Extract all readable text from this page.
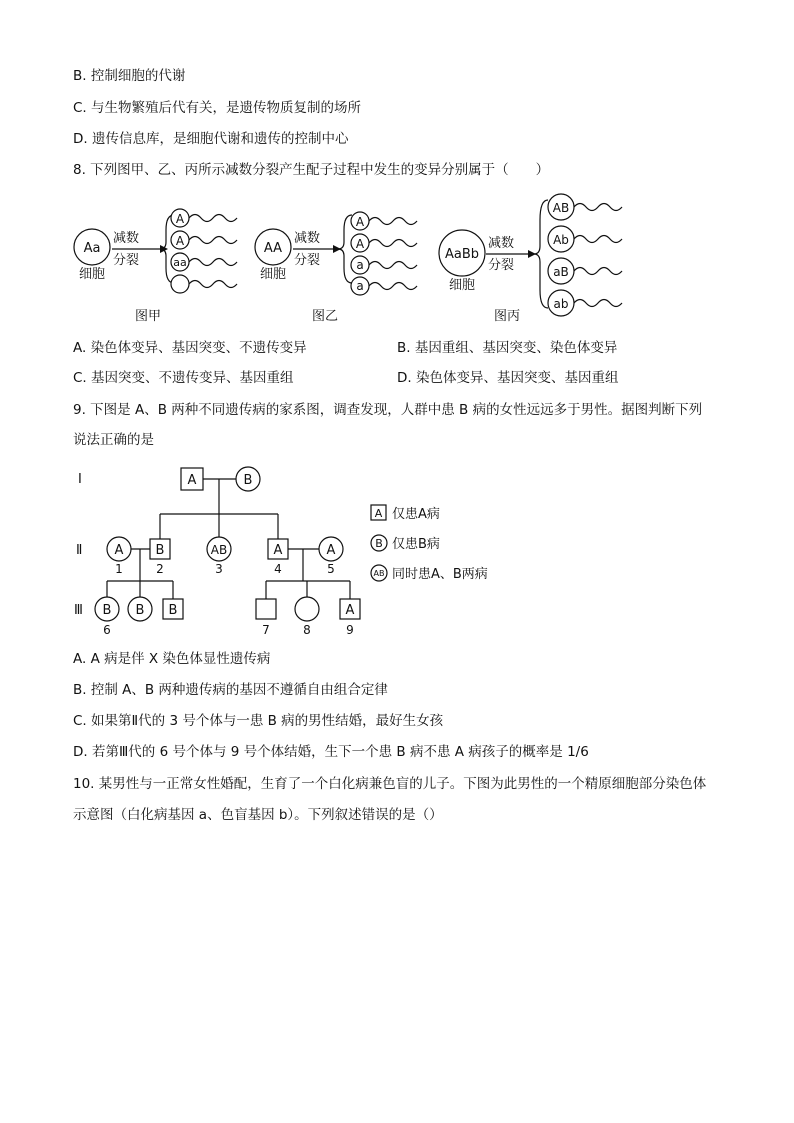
B. 控制细胞的代谢
C. 与生物繁殖后代有关，是遗传物质复制的场所
D. 遗传信息库，是细胞代谢和遗传的控制中心
8. 下列图甲、乙、丙所示减数分裂产生配子过程中发生的变异分别属于（　　）
Aa
细胞
减数
分裂
A
A
aa
图甲
AA
细胞
减数
分裂
A
A
a
a
图乙
AaBb
细胞
减数
分裂
AB
Ab
aB
ab
图丙
A. 染色体变异、基因突变、不遗传变异	B. 基因重组、基因突变、染色体变异
C. 基因突变、不遗传变异、基因重组	D. 染色体变异、基因突变、基因重组
9. 下图是 A、B 两种不同遗传病的家系图，调查发现，人群中患 B 病的女性远远多于男性。据图判断下列
说法正确的是
Ⅰ
Ⅱ
Ⅲ
A	B
A B	AB	A	A
1	2	3	4	5
B B B	A
6	7	8	9
A 仅患A病
B 仅患B病
AB 同时患A、B两病
A. A 病是伴 X 染色体显性遗传病
B. 控制 A、B 两种遗传病的基因不遵循自由组合定律
C. 如果第Ⅱ代的 3 号个体与一患 B 病的男性结婚，最好生女孩
D. 若第Ⅲ代的 6 号个体与 9 号个体结婚，生下一个患 B 病不患 A 病孩子的概率是 1/6
10. 某男性与一正常女性婚配，生育了一个白化病兼色盲的儿子。下图为此男性的一个精原细胞部分染色体
示意图（白化病基因 a、色盲基因 b）。下列叙述错误的是（）
